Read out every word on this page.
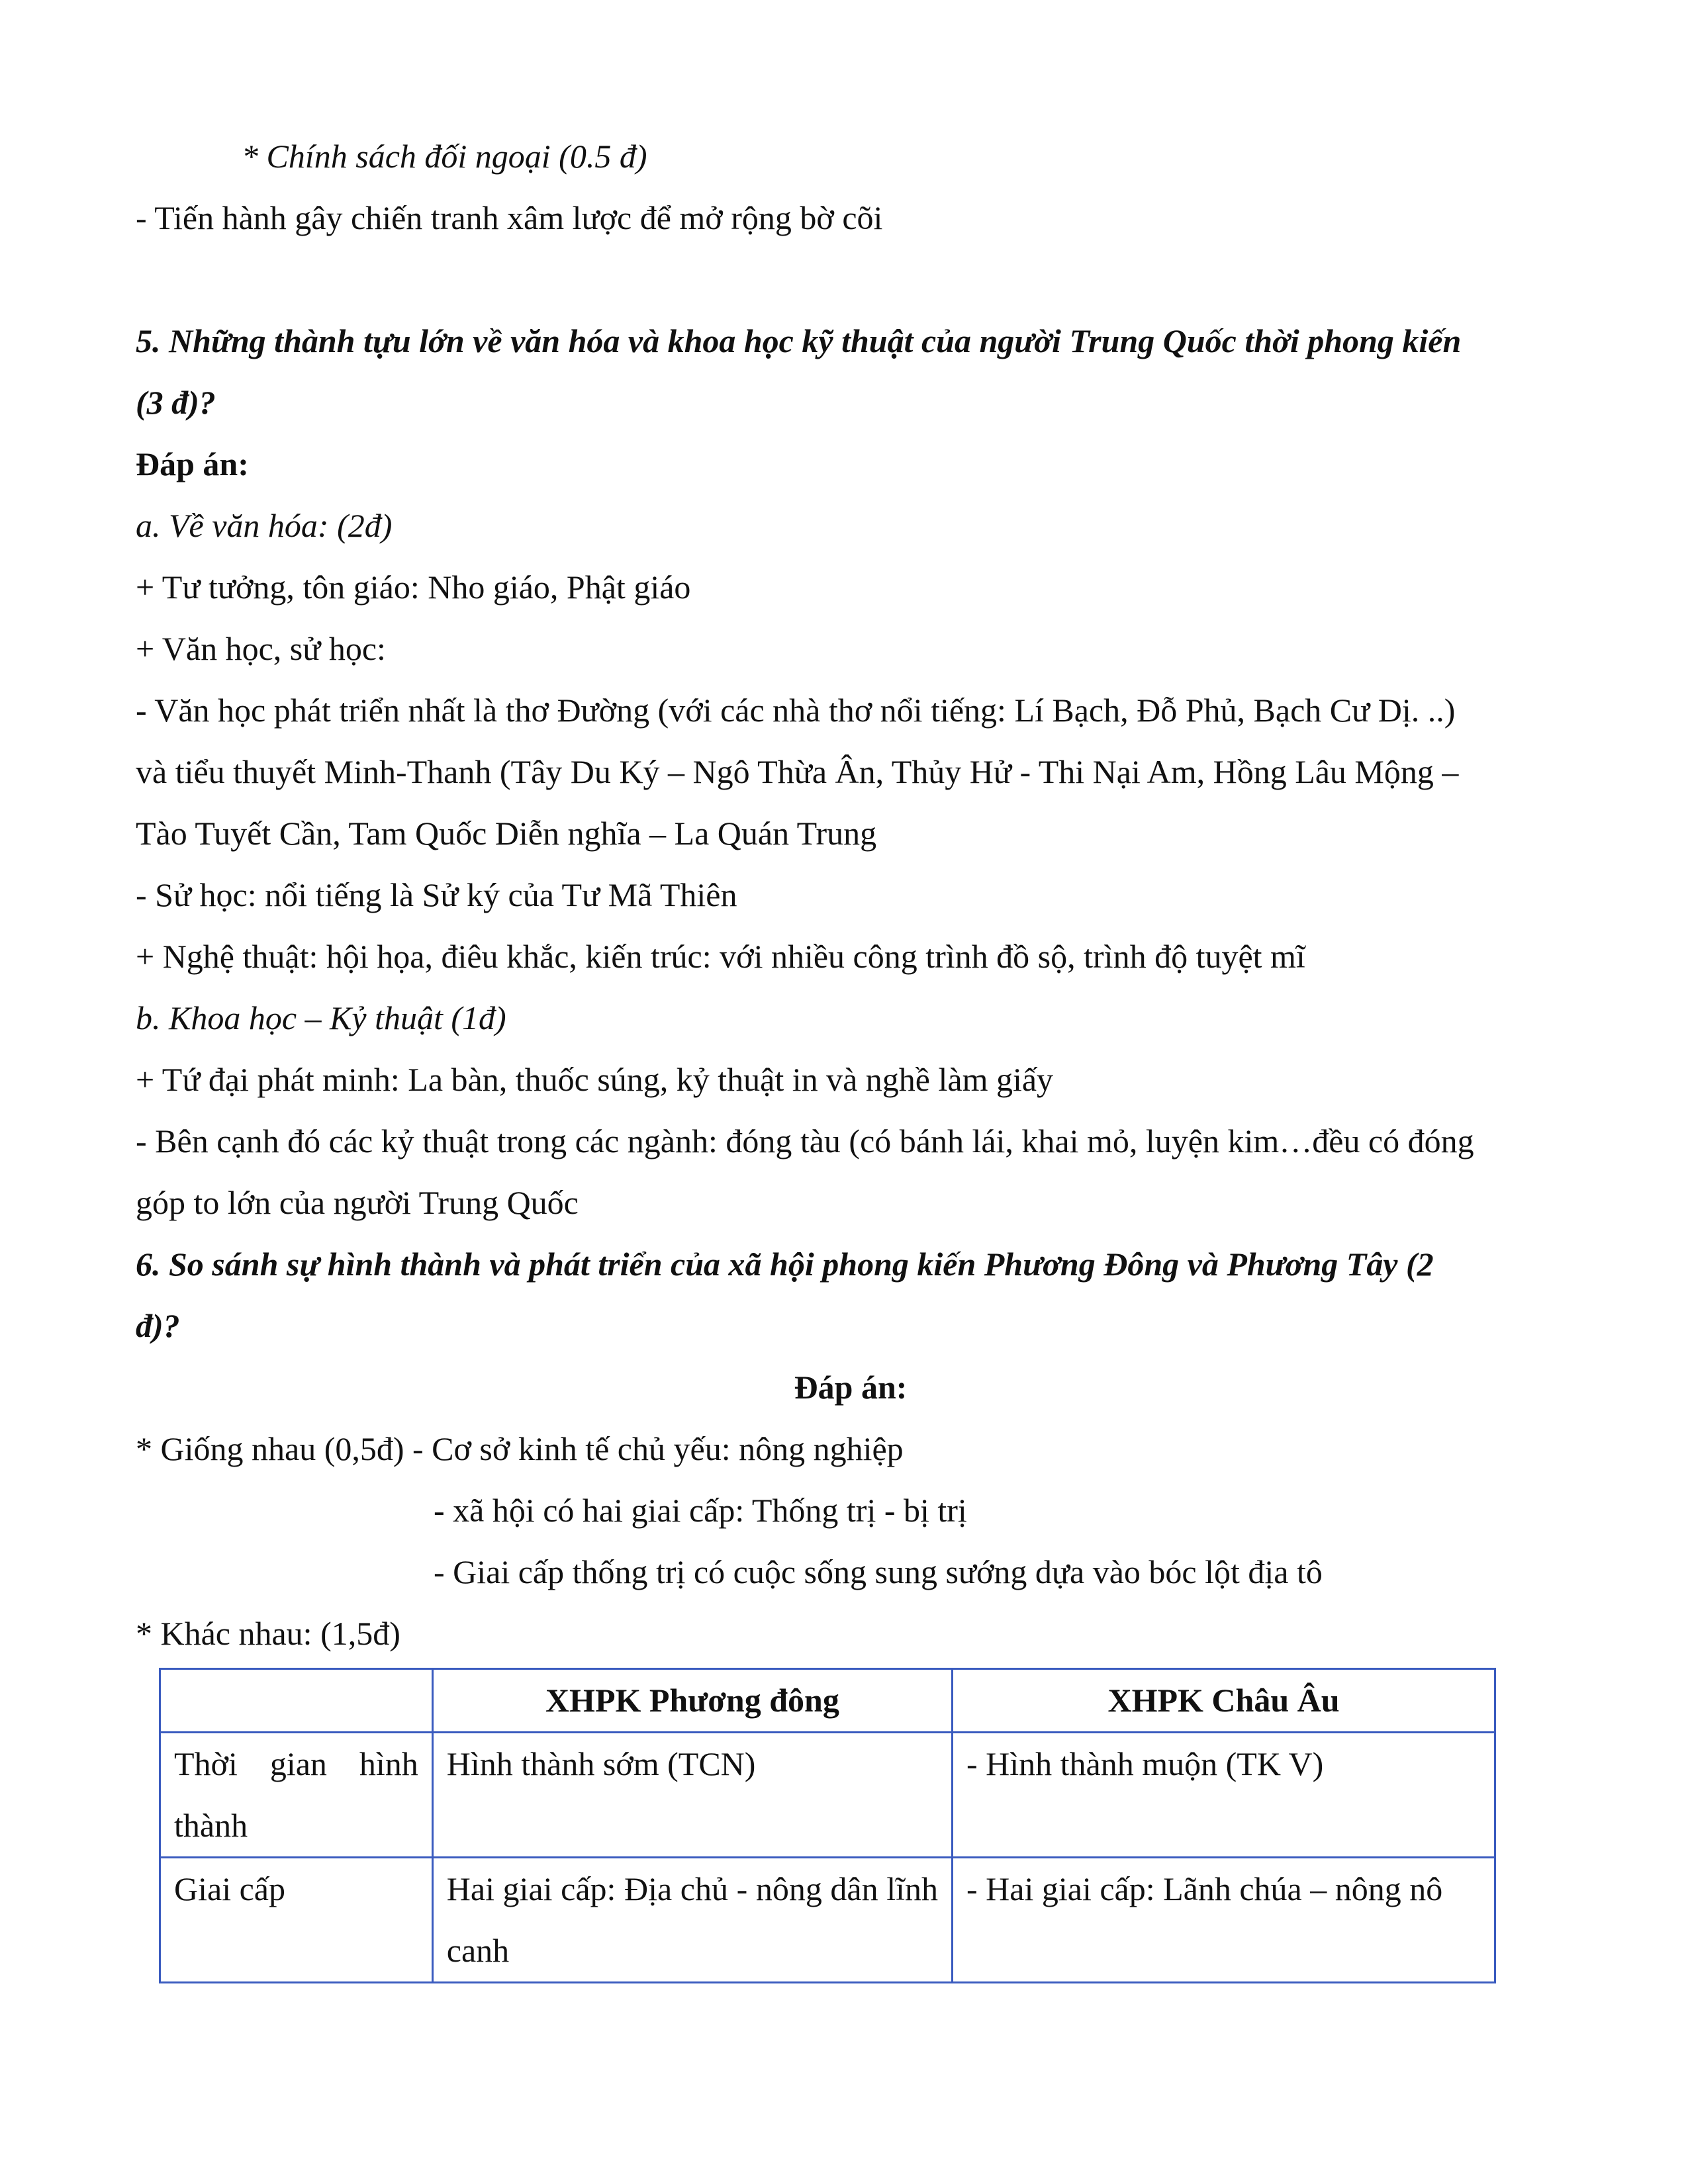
* Chính sách đối ngoại (0.5 đ)
- Tiến hành gây chiến tranh xâm lược để mở rộng bờ cõi
5. Những thành tựu lớn về văn hóa và khoa học kỹ thuật của người Trung Quốc thời phong kiến
(3 đ)?
Đáp án:
a. Về văn hóa: (2đ)
+ Tư tưởng, tôn giáo: Nho giáo, Phật giáo
+ Văn học, sử học:
- Văn học phát triển nhất là thơ Đường (với các nhà thơ nổi tiếng: Lí Bạch, Đỗ Phủ, Bạch Cư Dị. ..)
và tiểu thuyết Minh-Thanh (Tây Du Ký – Ngô Thừa Ân, Thủy Hử - Thi Nại Am, Hồng Lâu Mộng –
Tào Tuyết Cần, Tam Quốc Diễn nghĩa – La Quán Trung
- Sử học: nổi tiếng là Sử ký của Tư Mã Thiên
+ Nghệ thuật: hội họa, điêu khắc, kiến trúc: với nhiều công trình đồ sộ, trình độ tuyệt mĩ
b. Khoa học – Kỷ thuật (1đ)
+ Tứ đại phát minh: La bàn, thuốc súng, kỷ thuật in và nghề làm giấy
- Bên cạnh đó các kỷ thuật trong các ngành: đóng tàu (có bánh lái, khai mỏ, luyện kim…đều có đóng
góp to lớn của người Trung Quốc
6. So sánh sự hình thành và phát triển của xã hội phong kiến Phương Đông và Phương Tây (2
đ)?
Đáp án:
* Giống nhau (0,5đ) - Cơ sở kinh tế chủ yếu: nông nghiệp
- xã hội có hai giai cấp: Thống trị - bị trị
- Giai cấp thống trị có cuộc sống sung sướng dựa vào bóc lột địa tô
* Khác nhau: (1,5đ)
	XHPK Phương đông	XHPK Châu Âu
Thời gian hình thành	Hình thành sớm (TCN)	- Hình thành muộn (TK V)
Giai cấp	Hai giai cấp: Địa chủ - nông dân lĩnh canh	- Hai giai cấp: Lãnh chúa – nông nô
